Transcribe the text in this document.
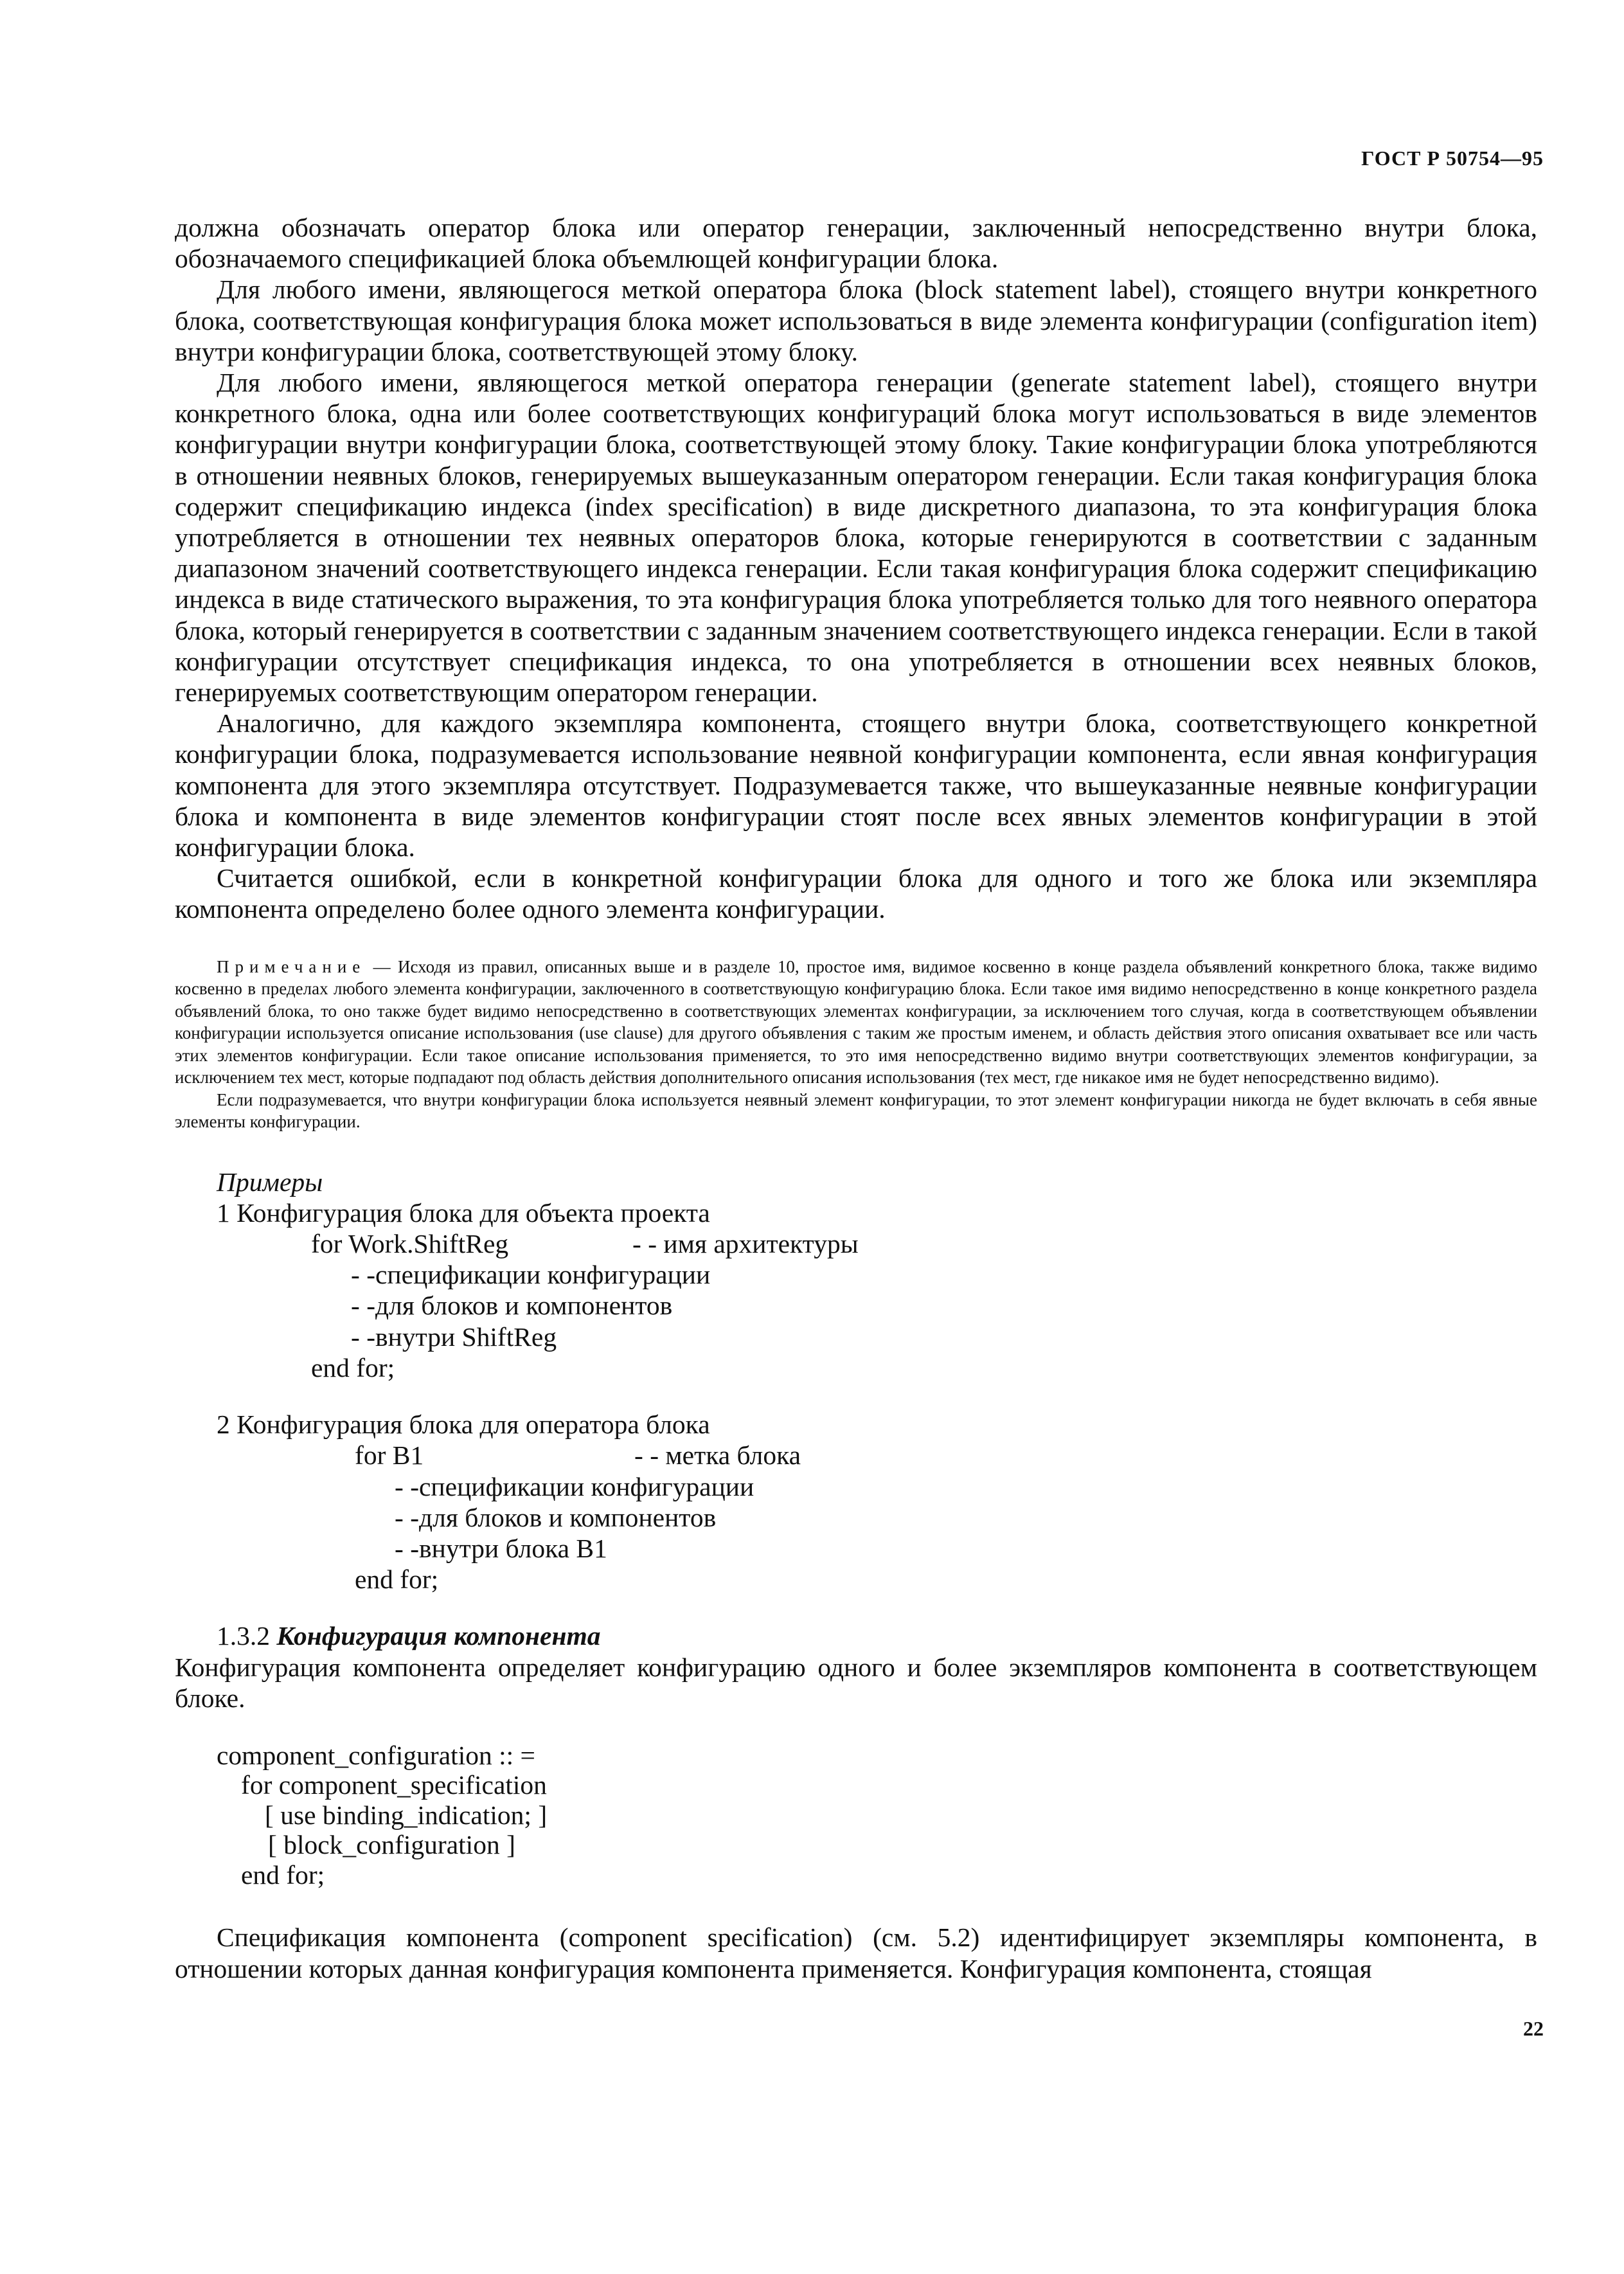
ГОСТ Р 50754—95

должна обозначать оператор блока или оператор генерации, заключенный непосредственно внутри блока, обозначаемого спецификацией блока объемлющей конфигурации блока.

Для любого имени, являющегося меткой оператора блока (block statement label), стоящего внутри конкретного блока, соответствующая конфигурация блока может использоваться в виде элемента конфигурации (configuration item) внутри конфигурации блока, соответствующей этому блоку.

Для любого имени, являющегося меткой оператора генерации (generate statement label), стоящего внутри конкретного блока, одна или более соответствующих конфигураций блока могут использоваться в виде элементов конфигурации внутри конфигурации блока, соответствующей этому блоку. Такие конфигурации блока употребляются в отношении неявных блоков, генерируемых вышеуказанным оператором генерации. Если такая конфигурация блока содержит спецификацию индекса (index specification) в виде дискретного диапазона, то эта конфигурация блока употребляется в отношении тех неявных операторов блока, которые генерируются в соответствии с заданным диапазоном значений соответствующего индекса генерации. Если такая конфигурация блока содержит спецификацию индекса в виде статического выражения, то эта конфигурация блока употребляется только для того неявного оператора блока, который генерируется в соответствии с заданным значением соответствующего индекса генерации. Если в такой конфигурации отсутствует спецификация индекса, то она употребляется в отношении всех неявных блоков, генерируемых соответствующим оператором генерации.

Аналогично, для каждого экземпляра компонента, стоящего внутри блока, соответствующего конкретной конфигурации блока, подразумевается использование неявной конфигурации компонента, если явная конфигурация компонента для этого экземпляра отсутствует. Подразумевается также, что вышеуказанные неявные конфигурации блока и компонента в виде элементов конфигурации стоят после всех явных элементов конфигурации в этой конфигурации блока.

Считается ошибкой, если в конкретной конфигурации блока для одного и того же блока или экземпляра компонента определено более одного элемента конфигурации.

Примечание — Исходя из правил, описанных выше и в разделе 10, простое имя, видимое косвенно в конце раздела объявлений конкретного блока, также видимо косвенно в пределах любого элемента конфигурации, заключенного в соответствующую конфигурацию блока. Если такое имя видимо непосредственно в конце конкретного раздела объявлений блока, то оно также будет видимо непосредственно в соответствующих элементах конфигурации, за исключением того случая, когда в соответствующем объявлении конфигурации используется описание использования (use clause) для другого объявления с таким же простым именем, и область действия этого описания охватывает все или часть этих элементов конфигурации. Если такое описание использования применяется, то это имя непосредственно видимо внутри соответствующих элементов конфигурации, за исключением тех мест, которые подпадают под область действия дополнительного описания использования (тех мест, где никакое имя не будет непосредственно видимо).

Если подразумевается, что внутри конфигурации блока используется неявный элемент конфигурации, то этот элемент конфигурации никогда не будет включать в себя явные элементы конфигурации.

Примеры
1 Конфигурация блока для объекта проекта
for Work.ShiftReg	- - имя архитектуры
- -спецификации конфигурации
- -для блоков и компонентов
- -внутри ShiftReg
end for;
2 Конфигурация блока для оператора блока
for B1	- - метка блока
- -спецификации конфигурации
- -для блоков и компонентов
- -внутри блока B1
end for;
1.3.2 Конфигурация компонента

Конфигурация компонента определяет конфигурацию одного и более экземпляров компонента в соответствующем блоке.

component_configuration :: =
for component_specification
[ use binding_indication; ]
[ block_configuration ]
end for;

Спецификация компонента (component specification) (см. 5.2) идентифицирует экземпляры компонента, в отношении которых данная конфигурация компонента применяется. Конфигурация компонента, стоящая

22
